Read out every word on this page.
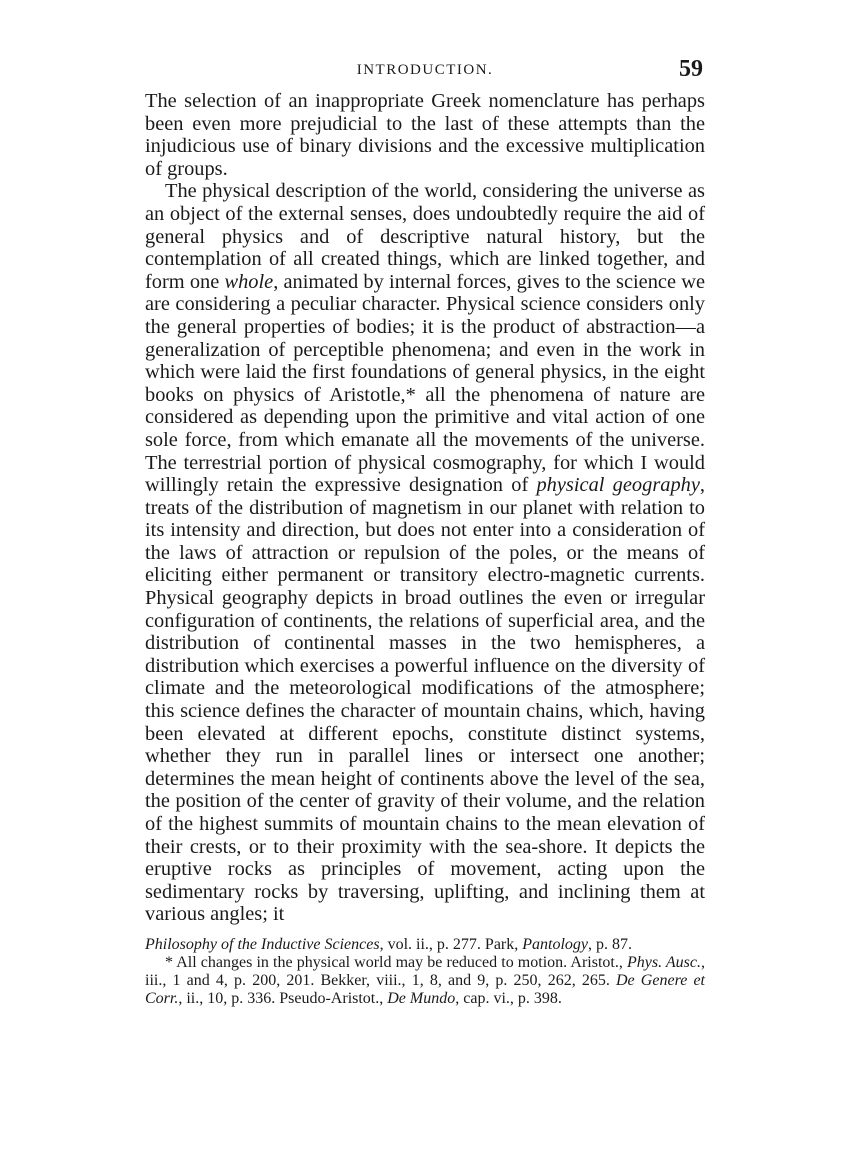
INTRODUCTION.	59

The selection of an inappropriate Greek nomenclature has perhaps been even more prejudicial to the last of these attempts than the injudicious use of binary divisions and the excessive multiplication of groups.

The physical description of the world, considering the universe as an object of the external senses, does undoubtedly require the aid of general physics and of descriptive natural history, but the contemplation of all created things, which are linked together, and form one whole, animated by internal forces, gives to the science we are considering a peculiar character. Physical science considers only the general properties of bodies; it is the product of abstraction—a generalization of perceptible phenomena; and even in the work in which were laid the first foundations of general physics, in the eight books on physics of Aristotle,* all the phenomena of nature are considered as depending upon the primitive and vital action of one sole force, from which emanate all the movements of the universe. The terrestrial portion of physical cosmography, for which I would willingly retain the expressive designation of physical geography, treats of the distribution of magnetism in our planet with relation to its intensity and direction, but does not enter into a consideration of the laws of attraction or repulsion of the poles, or the means of eliciting either permanent or transitory electro-magnetic currents. Physical geography depicts in broad outlines the even or irregular configuration of continents, the relations of superficial area, and the distribution of continental masses in the two hemispheres, a distribution which exercises a powerful influence on the diversity of climate and the meteorological modifications of the atmosphere; this science defines the character of mountain chains, which, having been elevated at different epochs, constitute distinct systems, whether they run in parallel lines or intersect one another; determines the mean height of continents above the level of the sea, the position of the center of gravity of their volume, and the relation of the highest summits of mountain chains to the mean elevation of their crests, or to their proximity with the sea-shore. It depicts the eruptive rocks as principles of movement, acting upon the sedimentary rocks by traversing, uplifting, and inclining them at various angles; it

Philosophy of the Inductive Sciences, vol. ii., p. 277. Park, Pantology, p. 87.

* All changes in the physical world may be reduced to motion. Aristot., Phys. Ausc., iii., 1 and 4, p. 200, 201. Bekker, viii., 1, 8, and 9, p. 250, 262, 265. De Genere et Corr., ii., 10, p. 336. Pseudo-Aristot., De Mundo, cap. vi., p. 398.
